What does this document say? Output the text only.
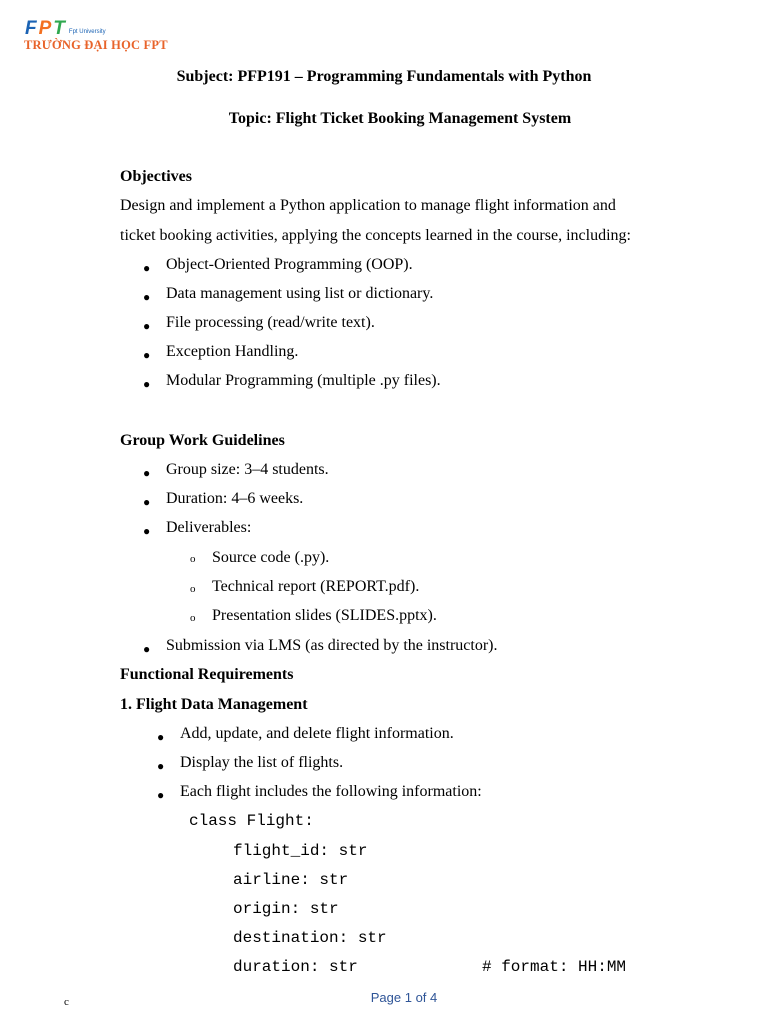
F P T Fpt University
TRƯỜNG ĐẠI HỌC FPT
Subject: PFP191 – Programming Fundamentals with Python
Topic: Flight Ticket Booking Management System
Objectives
Design and implement a Python application to manage flight information and
ticket booking activities, applying the concepts learned in the course, including:
● Object-Oriented Programming (OOP).
● Data management using list or dictionary.
● File processing (read/write text).
● Exception Handling.
● Modular Programming (multiple .py files).
Group Work Guidelines
● Group size: 3–4 students.
● Duration: 4–6 weeks.
● Deliverables:
o Source code (.py).
o Technical report (REPORT.pdf).
o Presentation slides (SLIDES.pptx).
● Submission via LMS (as directed by the instructor).
Functional Requirements
1. Flight Data Management
● Add, update, and delete flight information.
● Display the list of flights.
● Each flight includes the following information:
class Flight:
flight_id: str
airline: str
origin: str
destination: str
duration: str	# format: HH:MM
c	Page 1 of 4
